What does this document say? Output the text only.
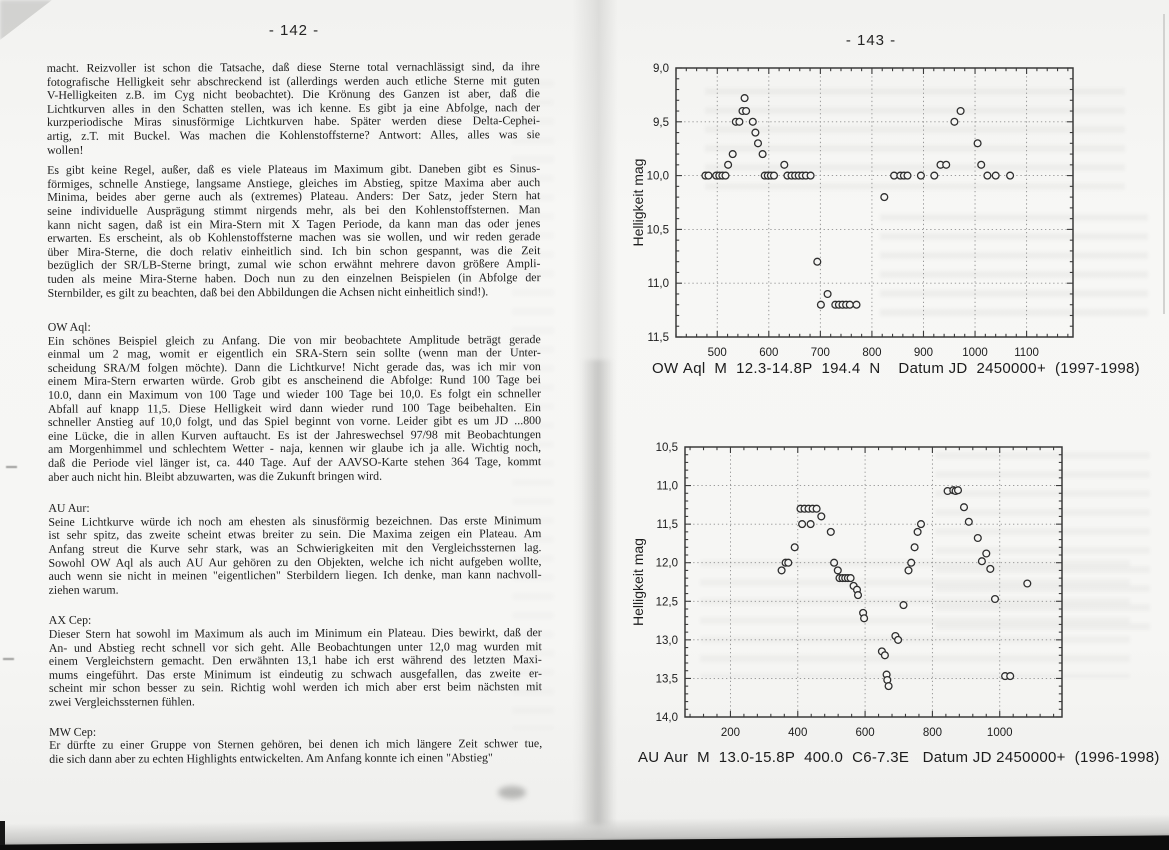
- 142 -
- 143 -
macht. Reizvoller ist schon die Tatsache, daß diese Sterne total vernachlässigt sind, da ihre
fotografische Helligkeit sehr abschreckend ist (allerdings werden auch etliche Sterne mit guten
V-Helligkeiten z.B. im Cyg nicht beobachtet). Die Krönung des Ganzen ist aber, daß die
Lichtkurven alles in den Schatten stellen, was ich kenne. Es gibt ja eine Abfolge, nach der
kurzperiodische Miras sinusförmige Lichtkurven habe. Später werden diese Delta-Cephei-
artig, z.T. mit Buckel. Was machen die Kohlenstoffsterne? Antwort: Alles, alles was sie
wollen!
Es gibt keine Regel, außer, daß es viele Plateaus im Maximum gibt. Daneben gibt es Sinus-
förmiges, schnelle Anstiege, langsame Anstiege, gleiches im Abstieg, spitze Maxima aber auch
Minima, beides aber gerne auch als (extremes) Plateau. Anders: Der Satz, jeder Stern hat
seine individuelle Ausprägung stimmt nirgends mehr, als bei den Kohlenstoffsternen. Man
kann nicht sagen, daß ist ein Mira-Stern mit X Tagen Periode, da kann man das oder jenes
erwarten. Es erscheint, als ob Kohlenstoffsterne machen was sie wollen, und wir reden gerade
über Mira-Sterne, die doch relativ einheitlich sind. Ich bin schon gespannt, was die Zeit
bezüglich der SR/LB-Sterne bringt, zumal wie schon erwähnt mehrere davon größere Ampli-
tuden als meine Mira-Sterne haben. Doch nun zu den einzelnen Beispielen (in Abfolge der
Sternbilder, es gilt zu beachten, daß bei den Abbildungen die Achsen nicht einheitlich sind!).
OW Aql:
Ein schönes Beispiel gleich zu Anfang. Die von mir beobachtete Amplitude beträgt gerade
einmal um 2 mag, womit er eigentlich ein SRA-Stern sein sollte (wenn man der Unter-
scheidung SRA/M folgen möchte). Dann die Lichtkurve! Nicht gerade das, was ich mir von
einem Mira-Stern erwarten würde. Grob gibt es anscheinend die Abfolge: Rund 100 Tage bei
10.0, dann ein Maximum von 100 Tage und wieder 100 Tage bei 10,0. Es folgt ein schneller
Abfall auf knapp 11,5. Diese Helligkeit wird dann wieder rund 100 Tage beibehalten. Ein
schneller Anstieg auf 10,0 folgt, und das Spiel beginnt von vorne. Leider gibt es um JD ...800
eine Lücke, die in allen Kurven auftaucht. Es ist der Jahreswechsel 97/98 mit Beobachtungen
am Morgenhimmel und schlechtem Wetter - naja, kennen wir glaube ich ja alle. Wichtig noch,
daß die Periode viel länger ist, ca. 440 Tage. Auf der AAVSO-Karte stehen 364 Tage, kommt
aber auch nicht hin. Bleibt abzuwarten, was die Zukunft bringen wird.
AU Aur:
Seine Lichtkurve würde ich noch am ehesten als sinusförmig bezeichnen. Das erste Minimum
ist sehr spitz, das zweite scheint etwas breiter zu sein. Die Maxima zeigen ein Plateau. Am
Anfang streut die Kurve sehr stark, was an Schwierigkeiten mit den Vergleichssternen lag.
Sowohl OW Aql als auch AU Aur gehören zu den Objekten, welche ich nicht aufgeben wollte,
auch wenn sie nicht in meinen "eigentlichen" Sterbildern liegen. Ich denke, man kann nachvoll-
ziehen warum.
AX Cep:
Dieser Stern hat sowohl im Maximum als auch im Minimum ein Plateau. Dies bewirkt, daß der
An- und Abstieg recht schnell vor sich geht. Alle Beobachtungen unter 12,0 mag wurden mit
einem Vergleichstern gemacht. Den erwähnten 13,1 habe ich erst während des letzten Maxi-
mums eingeführt. Das erste Minimum ist eindeutig zu schwach ausgefallen, das zweite er-
scheint mir schon besser zu sein. Richtig wohl werden ich mich aber erst beim nächsten mit
zwei Vergleichssternen fühlen.
MW Cep:
Er dürfte zu einer Gruppe von Sternen gehören, bei denen ich mich längere Zeit schwer tue,
die sich dann aber zu echten Highlights entwickelten. Am Anfang konnte ich einen "Abstieg"
500	600	700	800	900	1000 1100
9,0
9,5
10,0
10,5
11,0
11,5
Helligkeit mag
OW Aql  M  12.3-14.8P  194.4  N    Datum JD  2450000+  (1997-1998)
200	400	600	800	1000
10,5
11,0
11,5
12,0
12,5
13,0
13,5
14,0
Helligkeit mag
AU Aur  M  13.0-15.8P  400.0  C6-7.3E   Datum JD 2450000+  (1996-1998)
